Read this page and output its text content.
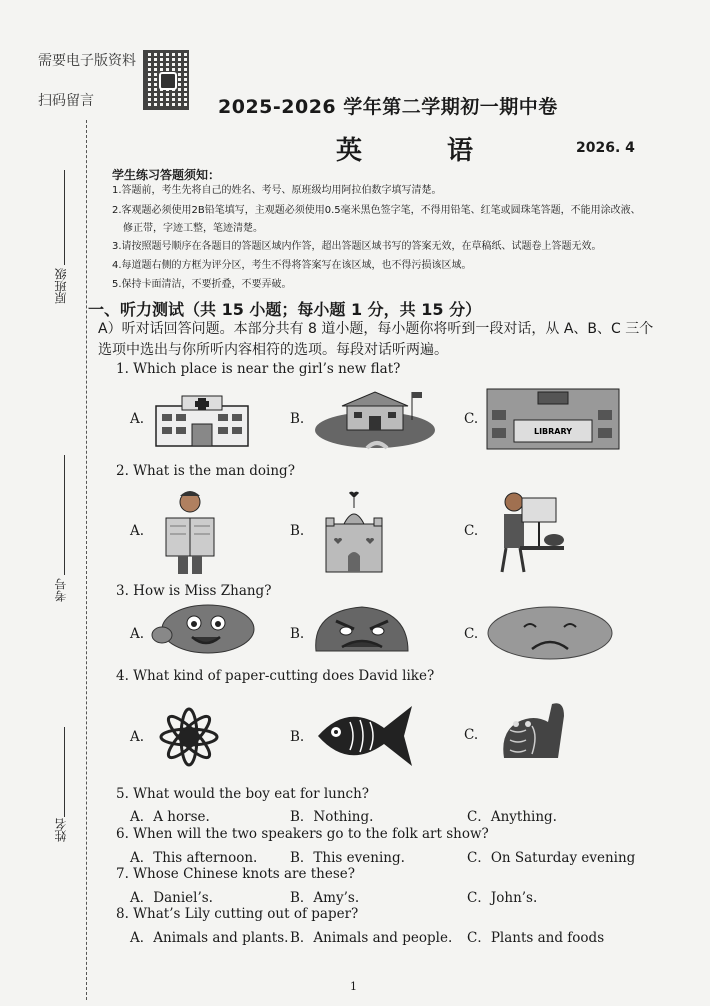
需要电子版资料
扫码留言	2025-2026 学年第二学期初一期中卷
英 语	2026. 4
学生练习答题须知：
1.答题前，考生先将自己的姓名、考号、原班级均用阿拉伯数字填写清楚。
2.客观题必须使用2B铅笔填写，主观题必须使用0.5毫米黑色签字笔，不得用铅笔、红笔或圆珠笔答题，不能用涂改液、
修正带，字迹工整，笔迹清楚。
3.请按照题号顺序在各题目的答题区域内作答，超出答题区域书写的答案无效，在草稿纸、试题卷上答题无效。
4.每道题右侧的方框为评分区，考生不得将答案写在该区域，也不得污损该区域。
5.保持卡面清洁，不要折叠，不要弄破。
原班级
考号
姓名
一、听力测试（共 15 小题；每小题 1 分，共 15 分）
A）听对话回答问题。本部分共有 8 道小题，每小题你将听到一段对话，从 A、B、C 三个
选项中选出与你所听内容相符的选项。每段对话听两遍。
1. Which place is near the girl’s new flat?
A.	B.	C.
LIBRARY
2. What is the man doing?
A.	B.	C.
3. How is Miss Zhang?
A.	B.	C.
4. What kind of paper-cutting does David like?
A.	B.	C.
5. What would the boy eat for lunch?
A．A horse.	B．Nothing.	C．Anything.
6. When will the two speakers go to the folk art show?
A．This afternoon. B．This evening.	C．On Saturday evening
7. Whose Chinese knots are these?
A．Daniel’s.	B．Amy’s.	C．John’s.
8. What’s Lily cutting out of paper?
A．Animals and plants. B．Animals and people. C．Plants and foods
1
